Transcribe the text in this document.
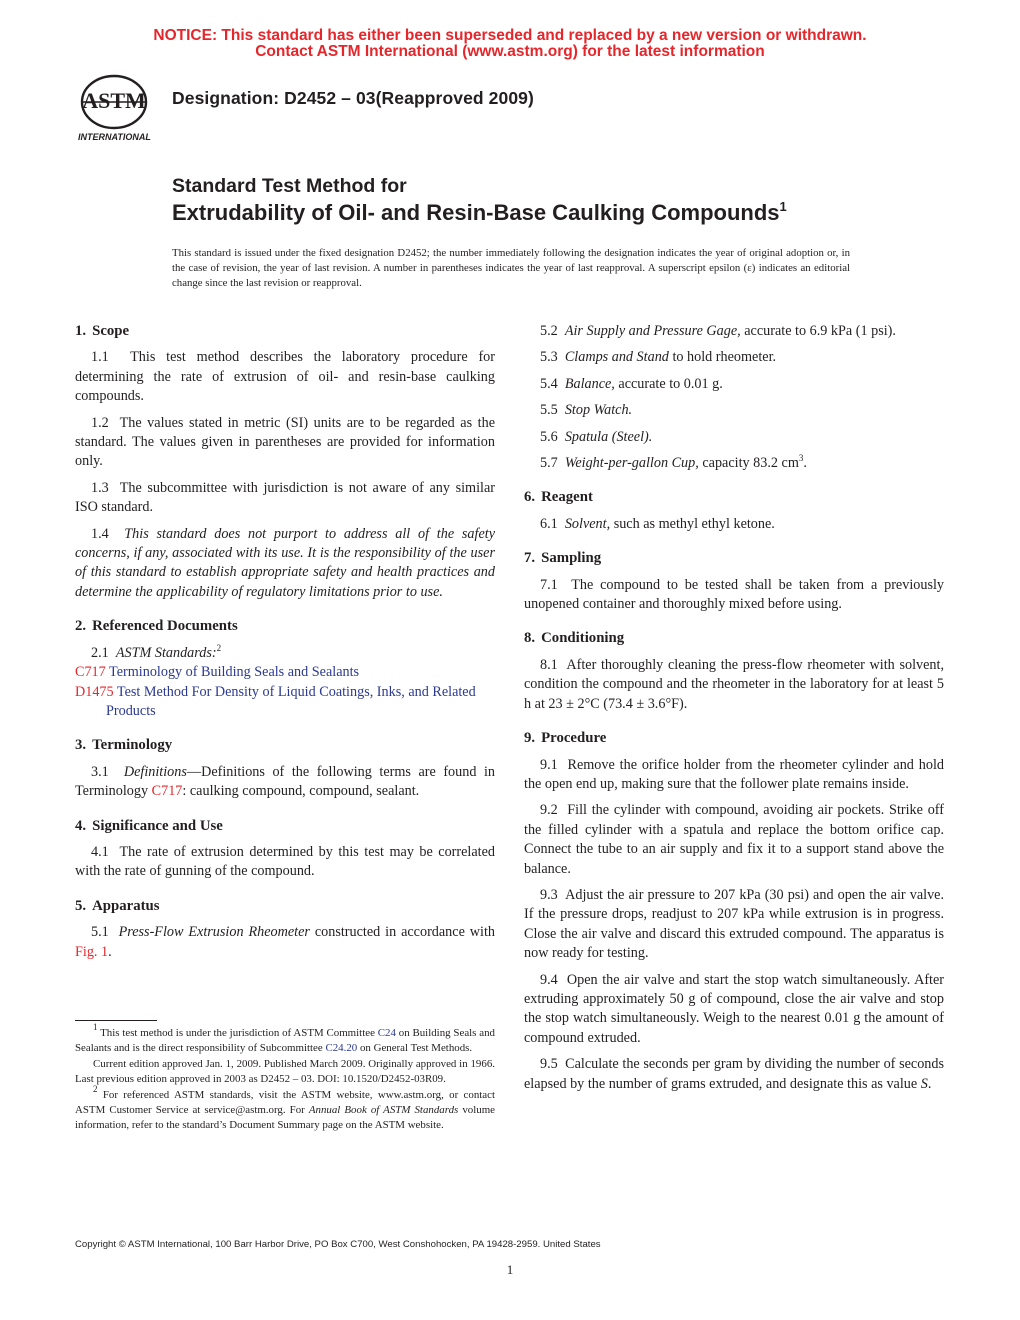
NOTICE: This standard has either been superseded and replaced by a new version or withdrawn.
Contact ASTM International (www.astm.org) for the latest information
ASTM
INTERNATIONAL
Designation: D2452 – 03(Reapproved 2009)
Standard Test Method for
Extrudability of Oil- and Resin-Base Caulking Compounds$^1$
This standard is issued under the fixed designation D2452; the number immediately following the designation indicates the year of original adoption or, in the case of revision, the year of last revision. A number in parentheses indicates the year of last reapproval. A superscript epsilon (ε) indicates an editorial change since the last revision or reapproval.
1. Scope

1.1 This test method describes the laboratory procedure for determining the rate of extrusion of oil- and resin-base caulking compounds.

1.2 The values stated in metric (SI) units are to be regarded as the standard. The values given in parentheses are provided for information only.

1.3 The subcommittee with jurisdiction is not aware of any similar ISO standard.

1.4 This standard does not purport to address all of the safety concerns, if any, associated with its use. It is the responsibility of the user of this standard to establish appropriate safety and health practices and determine the applicability of regulatory limitations prior to use.

2. Referenced Documents

2.1 ASTM Standards:$^2$

C717 Terminology of Building Seals and Sealants

D1475 Test Method For Density of Liquid Coatings, Inks, and Related Products

3. Terminology

3.1 Definitions—Definitions of the following terms are found in Terminology C717: caulking compound, compound, sealant.

4. Significance and Use

4.1 The rate of extrusion determined by this test may be correlated with the rate of gunning of the compound.

5. Apparatus

5.1 Press-Flow Extrusion Rheometer constructed in accordance with Fig. 1.

$^1$ This test method is under the jurisdiction of ASTM Committee C24 on Building Seals and Sealants and is the direct responsibility of Subcommittee C24.20 on General Test Methods.

Current edition approved Jan. 1, 2009. Published March 2009. Originally approved in 1966. Last previous edition approved in 2003 as D2452 – 03. DOI: 10.1520/D2452-03R09.

$^2$ For referenced ASTM standards, visit the ASTM website, www.astm.org, or contact ASTM Customer Service at service@astm.org. For Annual Book of ASTM Standards volume information, refer to the standard’s Document Summary page on the ASTM website.

5.2 Air Supply and Pressure Gage, accurate to 6.9 kPa (1 psi).

5.3 Clamps and Stand to hold rheometer.

5.4 Balance, accurate to 0.01 g.

5.5 Stop Watch.

5.6 Spatula (Steel).

5.7 Weight-per-gallon Cup, capacity 83.2 cm$^3$.

6. Reagent

6.1 Solvent, such as methyl ethyl ketone.

7. Sampling

7.1 The compound to be tested shall be taken from a previously unopened container and thoroughly mixed before using.

8. Conditioning

8.1 After thoroughly cleaning the press-flow rheometer with solvent, condition the compound and the rheometer in the laboratory for at least 5 h at 23 ± 2°C (73.4 ± 3.6°F).

9. Procedure

9.1 Remove the orifice holder from the rheometer cylinder and hold the open end up, making sure that the follower plate remains inside.

9.2 Fill the cylinder with compound, avoiding air pockets. Strike off the filled cylinder with a spatula and replace the bottom orifice cap. Connect the tube to an air supply and fix it to a support stand above the balance.

9.3 Adjust the air pressure to 207 kPa (30 psi) and open the air valve. If the pressure drops, readjust to 207 kPa while extrusion is in progress. Close the air valve and discard this extruded compound. The apparatus is now ready for testing.

9.4 Open the air valve and start the stop watch simultaneously. After extruding approximately 50 g of compound, close the air valve and stop the stop watch simultaneously. Weigh to the nearest 0.01 g the amount of compound extruded.

9.5 Calculate the seconds per gram by dividing the number of seconds elapsed by the number of grams extruded, and designate this as value S.

Copyright © ASTM International, 100 Barr Harbor Drive, PO Box C700, West Conshohocken, PA 19428-2959. United States
1
